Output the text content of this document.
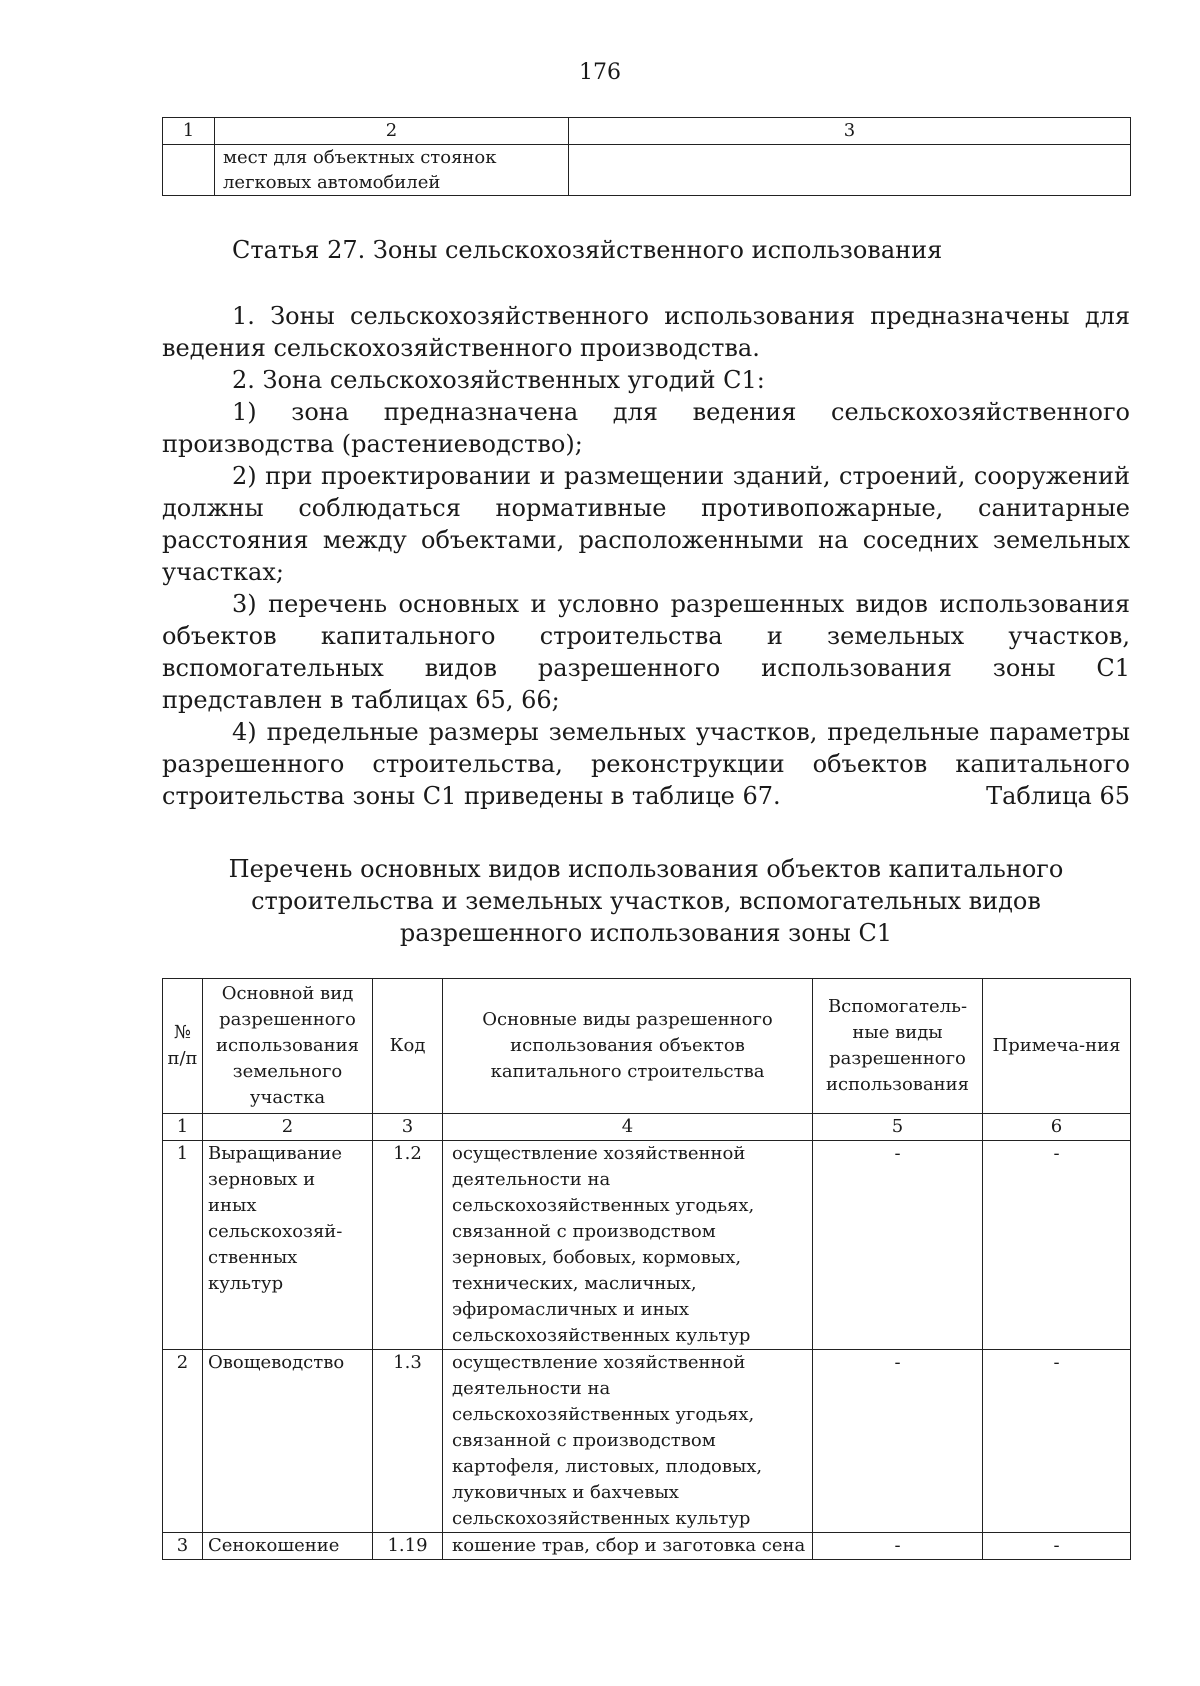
176
1	2	3

	мест для объектных стоянок
легковых автомобилей	

Статья 27. Зоны сельскохозяйственного использования

1. Зоны сельскохозяйственного использования предназначены для ведения сельскохозяйственного производства.

2. Зона сельскохозяйственных угодий С1:

1) зона предназначена для ведения сельскохозяйственного производства (растениеводство);

2) при проектировании и размещении зданий, строений, сооружений должны соблюдаться нормативные противопожарные, санитарные расстояния между объектами, расположенными на соседних земельных участках;

3) перечень основных и условно разрешенных видов использования объектов капитального строительства и земельных участков, вспомогательных видов разрешенного использования зоны С1 представлен в таблицах 65, 66;

4) предельные размеры земельных участков, предельные параметры разрешенного строительства, реконструкции объектов капитального строительства зоны С1 приведены в таблице 67.	Таблица 65
Перечень основных видов использования объектов капитального
строительства и земельных участков, вспомогательных видов
разрешенного использования зоны С1
№ п/п	Основной вид разрешенного использования земельного участка	Код	Основные виды разрешенного использования объектов капитального строительства	Вспомогатель-ные виды разрешенного использования	Примеча-ния
1	2	3	4	5	6
1	Выращивание зерновых и иных сельскохозяй-ственных культур	1.2	осуществление хозяйственной деятельности на сельскохозяйственных угодьях, связанной с производством зерновых, бобовых, кормовых, технических, масличных, эфиромасличных и иных сельскохозяйственных культур	-	-
2	Овощеводство	1.3	осуществление хозяйственной деятельности на сельскохозяйственных угодьях, связанной с производством картофеля, листовых, плодовых, луковичных и бахчевых сельскохозяйственных культур	-	-
3	Сенокошение	1.19	кошение трав, сбор и заготовка сена	-	-
